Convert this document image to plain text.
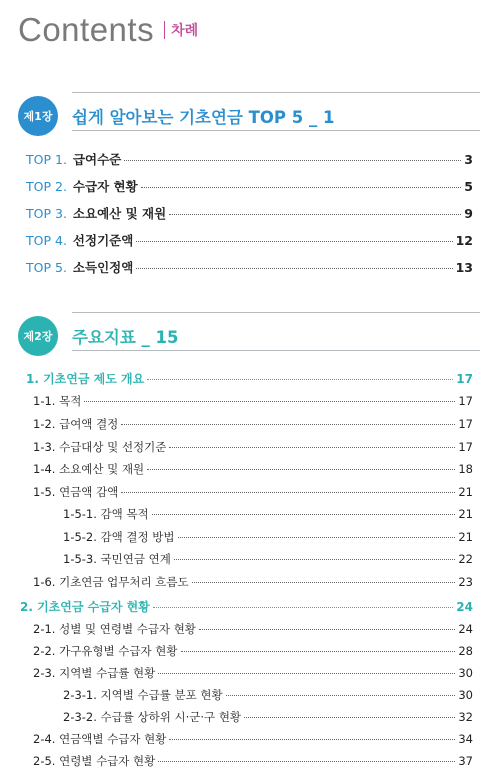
Contents 차례
제1장	쉽게 알아보는 기초연금 TOP 5 _ 1
TOP 1. 급여수준	3
TOP 2. 수급자 현황	5
TOP 3. 소요예산 및 재원	9
TOP 4. 선정기준액	12
TOP 5. 소득인정액	13
제2장	주요지표 _ 15
1. 기초연금 제도 개요	17
1-1. 목적	17
1-2. 급여액 결정	17
1-3. 수급대상 및 선정기준	17
1-4. 소요예산 및 재원	18
1-5. 연금액 감액	21
1-5-1. 감액 목적	21
1-5-2. 감액 결정 방법	21
1-5-3. 국민연금 연계	22
1-6. 기초연금 업무처리 흐름도	23
2. 기초연금 수급자 현황	24
2-1. 성별 및 연령별 수급자 현황	24
2-2. 가구유형별 수급자 현황	28
2-3. 지역별 수급률 현황	30
2-3-1. 지역별 수급률 분포 현황	30
2-3-2. 수급률 상하위 시·군·구 현황	32
2-4. 연금액별 수급자 현황	34
2-5. 연령별 수급자 현황	37
